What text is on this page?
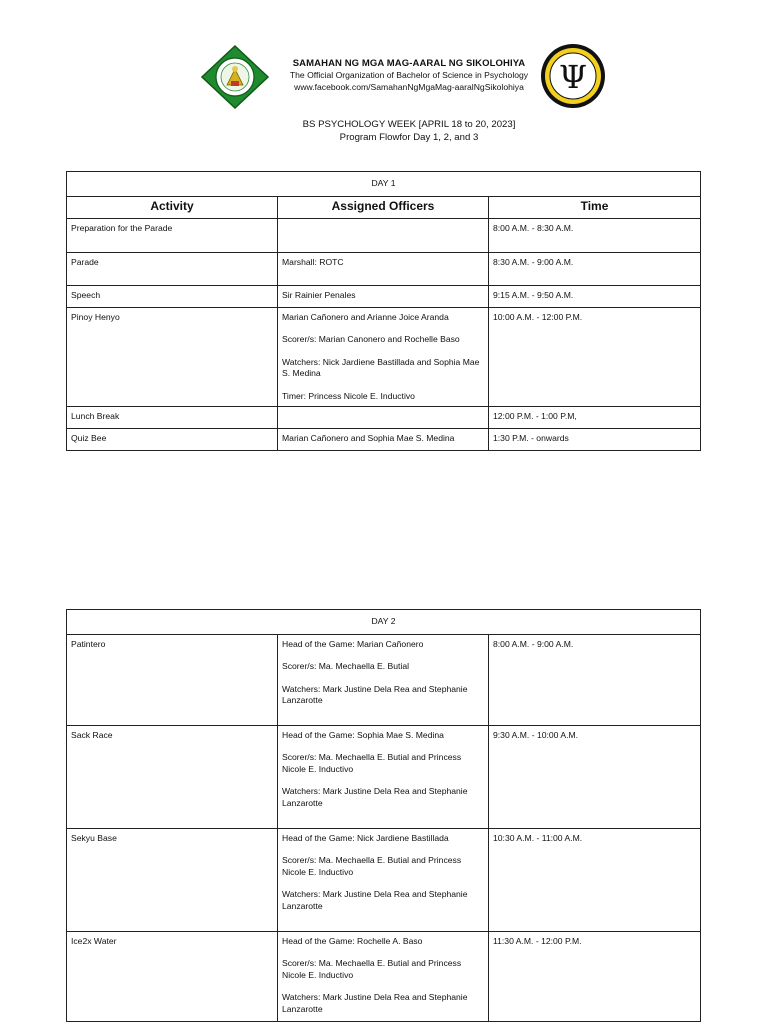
SAMAHAN NG MGA MAG-AARAL NG SIKOLOHIYA
The Official Organization of Bachelor of Science in Psychology
www.facebook.com/SamahanNgMgaMag-aaralNgSikolohiya	Ψ
BS PSYCHOLOGY WEEK [APRIL 18 to 20, 2023]
Program Flowfor Day 1, 2, and 3
DAY 1		
Activity	Assigned Officers	Time
Preparation for the Parade		8:00 A.M. - 8:30 A.M.
Parade	Marshall: ROTC	8:30 A.M. - 9:00 A.M.
Speech	Sir Rainier Penales	9:15 A.M. - 9:50 A.M.
Pinoy Henyo	Marian Cañonero and Arianne Joice Aranda
Scorer/s: Marian Canonero and Rochelle Baso
Watchers: Nick Jardiene Bastillada and Sophia Mae S. Medina
Timer: Princess Nicole E. Inductivo	10:00 A.M. - 12:00 P.M.
Lunch Break		12:00 P.M. - 1:00 P.M,
Quiz Bee	Marian Cañonero and Sophia Mae S. Medina	1:30 P.M. - onwards
DAY 2		
Patintero	Head of the Game: Marian Cañonero
Scorer/s: Ma. Mechaella E. Butial
Watchers: Mark Justine Dela Rea and Stephanie Lanzarotte	8:00 A.M. - 9:00 A.M.
Sack Race	Head of the Game: Sophia Mae S. Medina
Scorer/s: Ma. Mechaella E. Butial and Princess Nicole E. Inductivo
Watchers: Mark Justine Dela Rea and Stephanie Lanzarotte	9:30 A.M. - 10:00 A.M.
Sekyu Base	Head of the Game: Nick Jardiene Bastillada
Scorer/s: Ma. Mechaella E. Butial and Princess Nicole E. Inductivo
Watchers: Mark Justine Dela Rea and Stephanie Lanzarotte	10:30 A.M. - 11:00 A.M.
Ice2x Water	Head of the Game: Rochelle A. Baso
Scorer/s: Ma. Mechaella E. Butial and Princess Nicole E. Inductivo
Watchers: Mark Justine Dela Rea and Stephanie Lanzarotte	11:30 A.M. - 12:00 P.M.
